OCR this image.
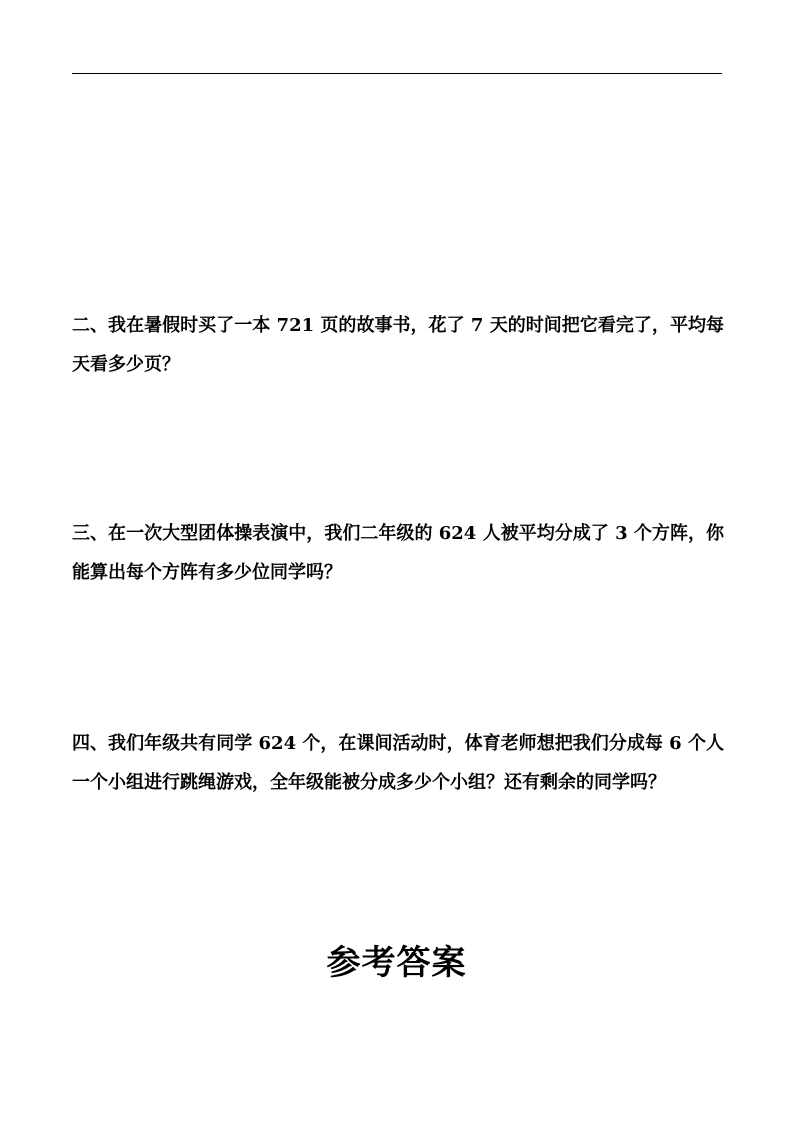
二、我在暑假时买了一本 721 页的故事书，花了 7 天的时间把它看完了，平均每天看多少页？

三、在一次大型团体操表演中，我们二年级的 624 人被平均分成了 3 个方阵，你能算出每个方阵有多少位同学吗？

四、我们年级共有同学 624 个，在课间活动时，体育老师想把我们分成每 6 个人一个小组进行跳绳游戏，全年级能被分成多少个小组？还有剩余的同学吗？

参考答案
